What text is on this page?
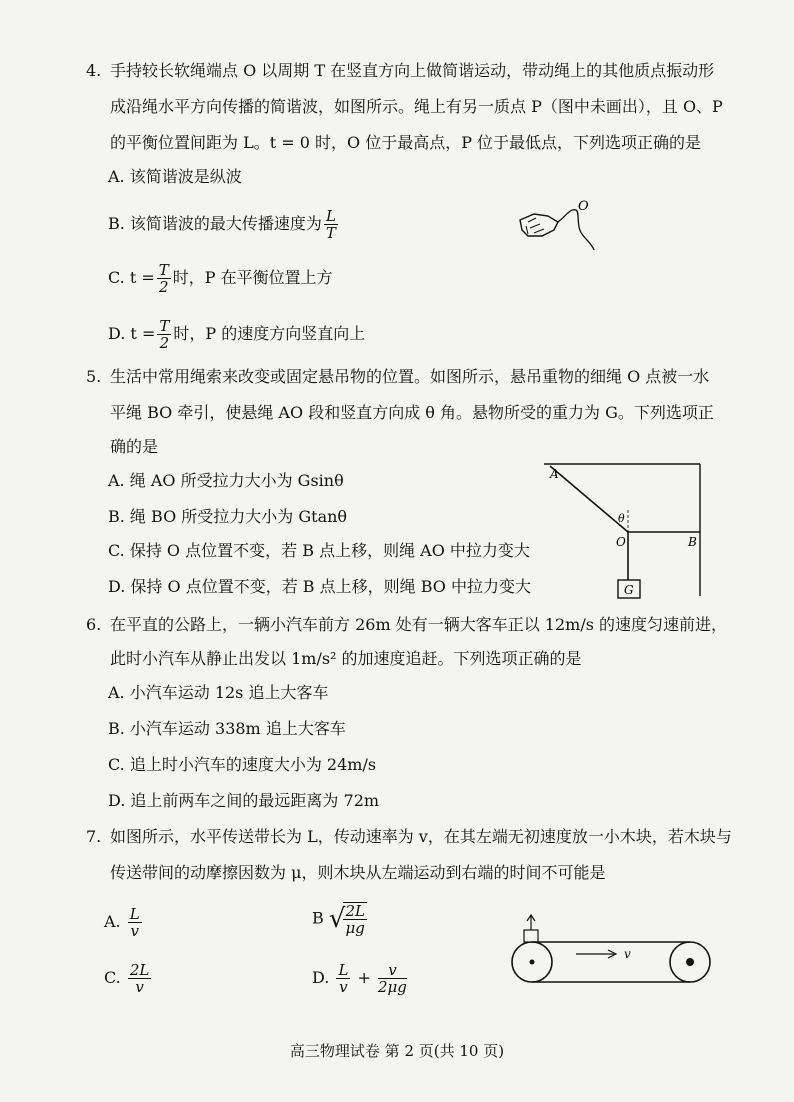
4. 手持较长软绳端点 O 以周期 T 在竖直方向上做简谐运动，带动绳上的其他质点振动形
成沿绳水平方向传播的简谐波，如图所示。绳上有另一质点 P（图中未画出），且 O、P
的平衡位置间距为 L。t = 0 时，O 位于最高点，P 位于最低点，下列选项正确的是
A. 该简谐波是纵波
B. 该简谐波的最大传播速度为 $\frac{L}{T}$
C. $t = \frac{T}{2}$ 时，P 在平衡位置上方
D. $t = \frac{T}{2}$ 时，P 的速度方向竖直向上
O
5. 生活中常用绳索来改变或固定悬吊物的位置。如图所示，悬吊重物的细绳 O 点被一水
平绳 BO 牵引，使悬绳 AO 段和竖直方向成 θ 角。悬物所受的重力为 G。下列选项正
确的是
A. 绳 AO 所受拉力大小为 Gsinθ
B. 绳 BO 所受拉力大小为 Gtanθ
C. 保持 O 点位置不变，若 B 点上移，则绳 AO 中拉力变大
D. 保持 O 点位置不变，若 B 点上移，则绳 BO 中拉力变大
A
B
O
θ
G
6. 在平直的公路上，一辆小汽车前方 26m 处有一辆大客车正以 12m/s 的速度匀速前进，
此时小汽车从静止出发以 1m/s² 的加速度追赶。下列选项正确的是
A. 小汽车运动 12s 追上大客车
B. 小汽车运动 338m 追上大客车
C. 追上时小汽车的速度大小为 24m/s
D. 追上前两车之间的最远距离为 72m
7. 如图所示，水平传送带长为 L，传动速率为 v，在其左端无初速度放一小木块，若木块与
传送带间的动摩擦因数为 μ，则木块从左端运动到右端的时间不可能是
A. $\frac{L}{v}$	B √
$\frac{2L}{\mu g}$
C. $\frac{2L}{v}$	D. $\frac{L}{v} + \frac{v}{2\mu g}$
v
高三物理试卷 第 2 页(共 10 页)
